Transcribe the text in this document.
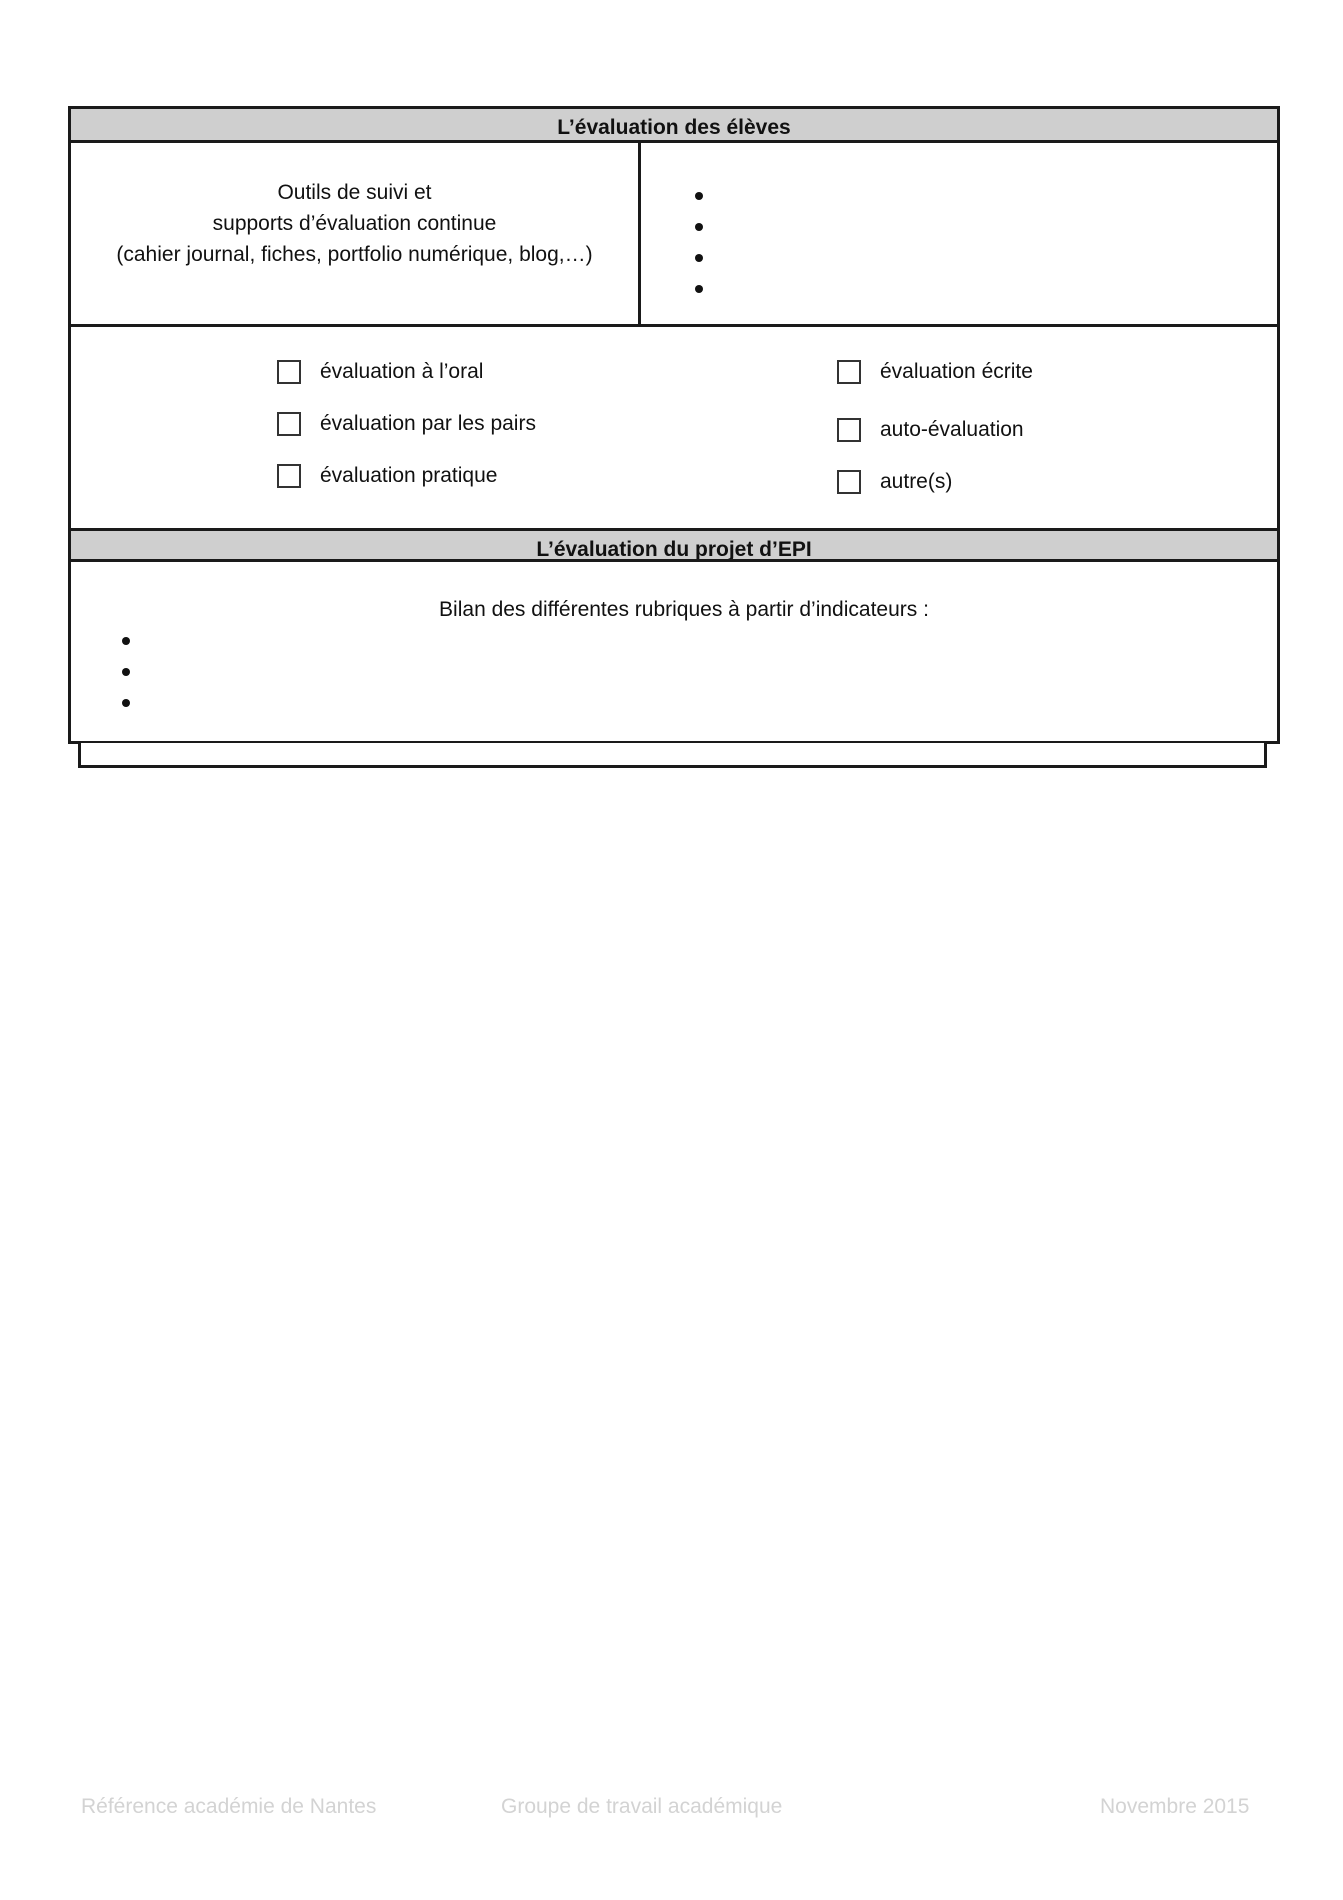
L’évaluation des élèves
Outils de suivi et
supports d’évaluation continue
(cahier journal, fiches, portfolio numérique, blog,…)
évaluation à l’oral
évaluation par les pairs
évaluation pratique
évaluation écrite
auto-évaluation
autre(s)
L’évaluation du projet d’EPI
Bilan des différentes rubriques à partir d’indicateurs :
Référence académie de Nantes	Groupe de travail académique	Novembre 2015
